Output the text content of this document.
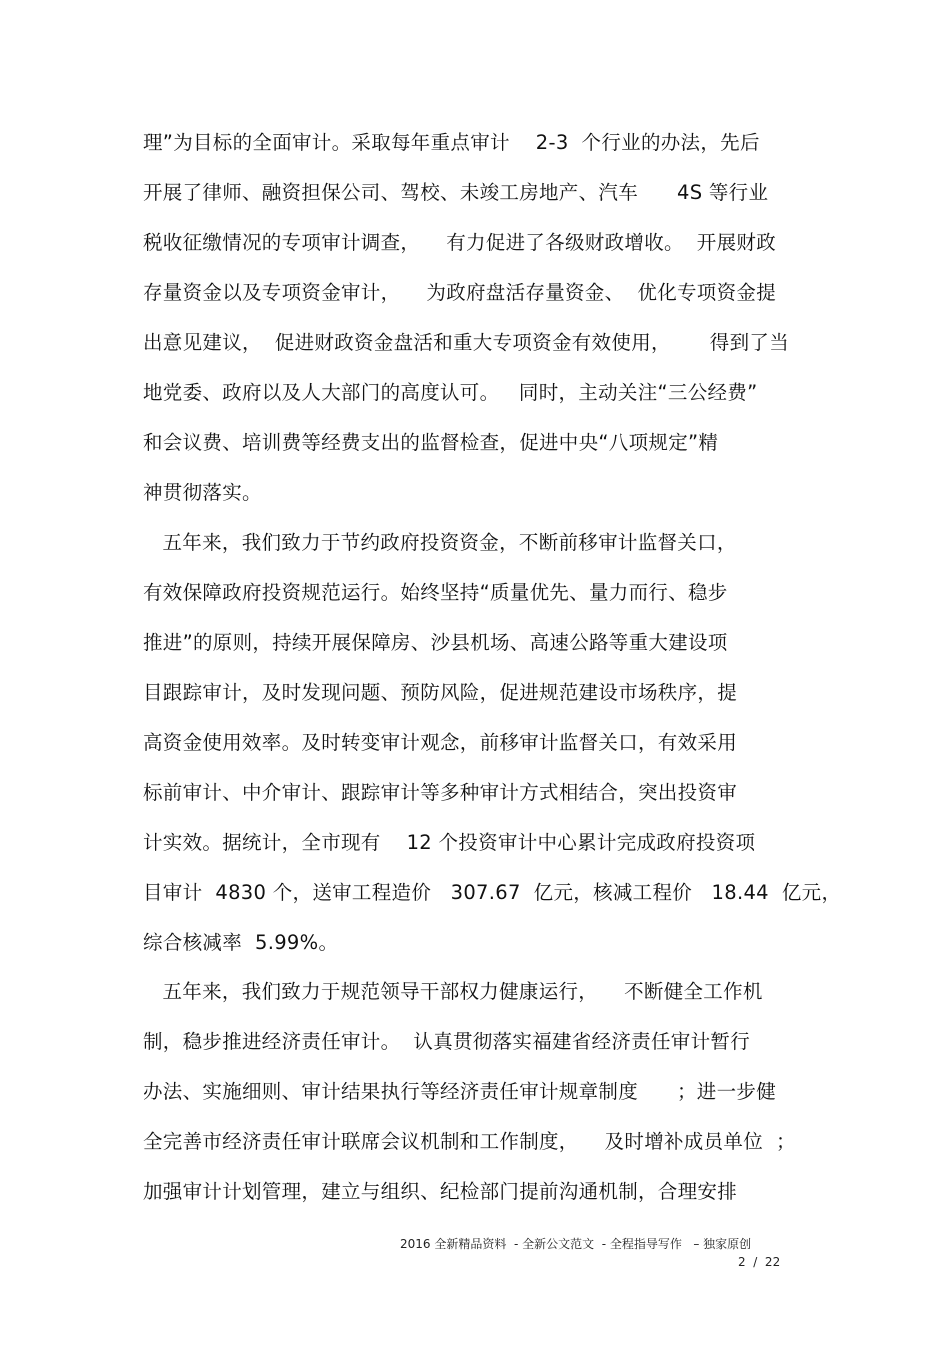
理”为目标的全面审计。采取每年重点审计    2-3  个行业的办法，先后
开展了律师、融资担保公司、驾校、未竣工房地产、汽车      4S 等行业
税收征缴情况的专项审计调查，    有力促进了各级财政增收。  开展财政
存量资金以及专项资金审计，    为政府盘活存量资金、  优化专项资金提
出意见建议，  促进财政资金盘活和重大专项资金有效使用，      得到了当
地党委、政府以及人大部门的高度认可。   同时，主动关注“三公经费”
和会议费、培训费等经费支出的监督检查，促进中央“八项规定”精
神贯彻落实。
五年来，我们致力于节约政府投资资金，不断前移审计监督关口，
有效保障政府投资规范运行。始终坚持“质量优先、量力而行、稳步
推进”的原则，持续开展保障房、沙县机场、高速公路等重大建设项
目跟踪审计，及时发现问题、预防风险，促进规范建设市场秩序，提
高资金使用效率。及时转变审计观念，前移审计监督关口，有效采用
标前审计、中介审计、跟踪审计等多种审计方式相结合，突出投资审
计实效。据统计，全市现有    12 个投资审计中心累计完成政府投资项
目审计  4830 个，送审工程造价   307.67  亿元，核减工程价   18.44  亿元，
综合核减率  5.99%。
五年来，我们致力于规范领导干部权力健康运行，    不断健全工作机
制，稳步推进经济责任审计。  认真贯彻落实福建省经济责任审计暂行
办法、实施细则、审计结果执行等经济责任审计规章制度      ；进一步健
全完善市经济责任审计联席会议机制和工作制度，    及时增补成员单位  ；
加强审计计划管理，建立与组织、纪检部门提前沟通机制，合理安排
2016 全新精品资料  - 全新公文范文  - 全程指导写作   – 独家原创
2  /  22
